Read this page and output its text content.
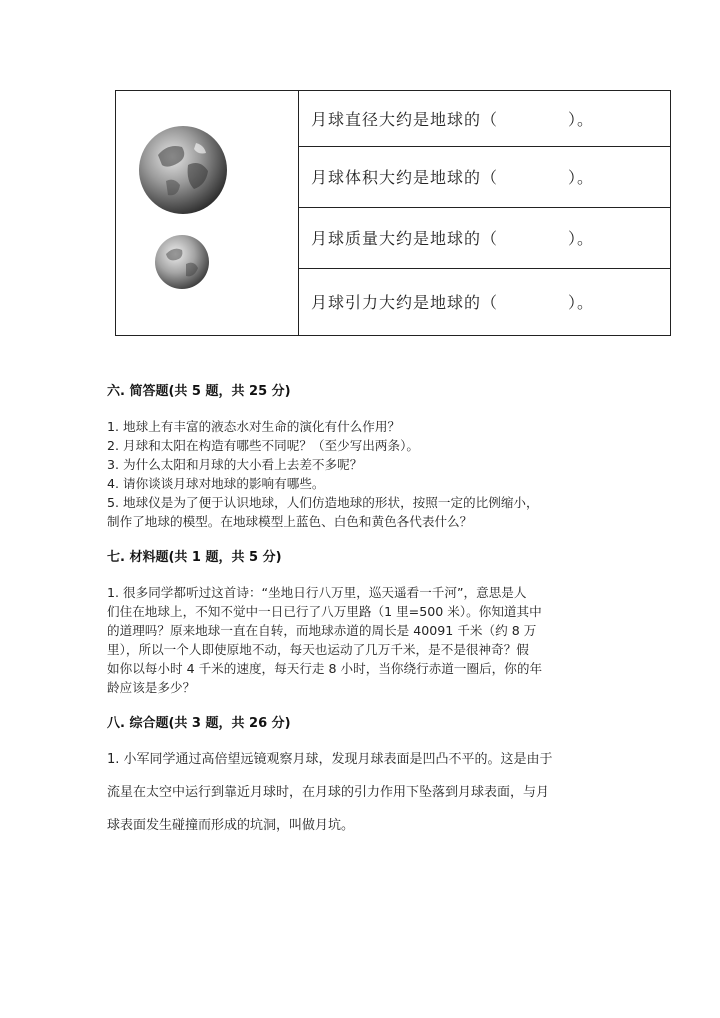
月球直径大约是地球的（	）。
月球体积大约是地球的（	）。
月球质量大约是地球的（	）。
月球引力大约是地球的（	）。
六. 简答题(共 5 题，共 25 分)
1. 地球上有丰富的液态水对生命的演化有什么作用？
2. 月球和太阳在构造有哪些不同呢？（至少写出两条）。
3. 为什么太阳和月球的大小看上去差不多呢？
4. 请你谈谈月球对地球的影响有哪些。
5. 地球仪是为了便于认识地球，人们仿造地球的形状，按照一定的比例缩小，
制作了地球的模型。在地球模型上蓝色、白色和黄色各代表什么？
七. 材料题(共 1 题，共 5 分)
1. 很多同学都听过这首诗：“坐地日行八万里，巡天遥看一千河”，意思是人
们住在地球上，不知不觉中一日已行了八万里路（1 里=500 米）。你知道其中
的道理吗？原来地球一直在自转，而地球赤道的周长是 40091 千米（约 8 万
里），所以一个人即使原地不动，每天也运动了几万千米，是不是很神奇？假
如你以每小时 4 千米的速度，每天行走 8 小时，当你绕行赤道一圈后，你的年
龄应该是多少？
八. 综合题(共 3 题，共 26 分)
1. 小军同学通过高倍望远镜观察月球，发现月球表面是凹凸不平的。这是由于
流星在太空中运行到靠近月球时，在月球的引力作用下坠落到月球表面，与月
球表面发生碰撞而形成的坑洞，叫做月坑。
